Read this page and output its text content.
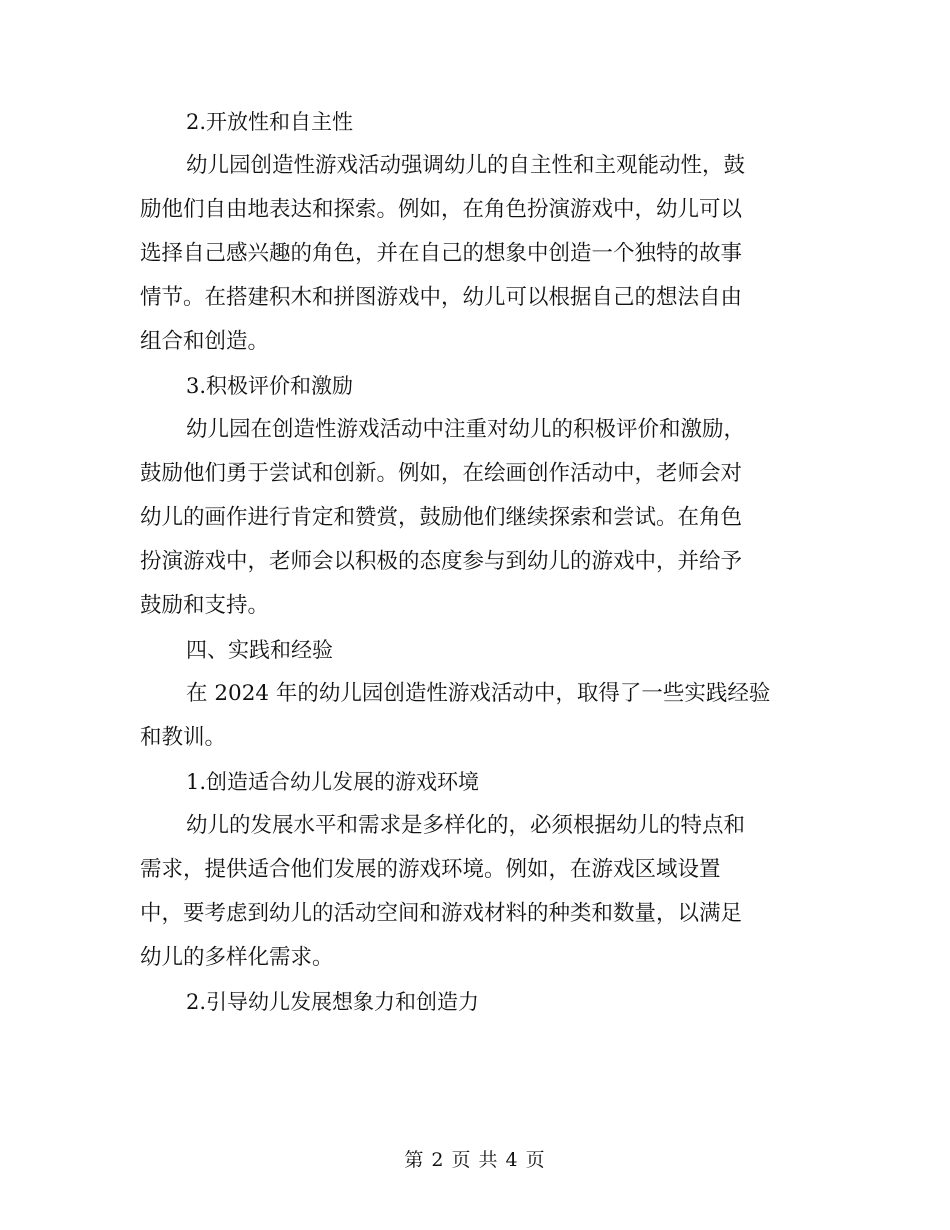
2.开放性和自主性
幼儿园创造性游戏活动强调幼儿的自主性和主观能动性，鼓
励他们自由地表达和探索。例如，在角色扮演游戏中，幼儿可以
选择自己感兴趣的角色，并在自己的想象中创造一个独特的故事
情节。在搭建积木和拼图游戏中，幼儿可以根据自己的想法自由
组合和创造。
3.积极评价和激励
幼儿园在创造性游戏活动中注重对幼儿的积极评价和激励，
鼓励他们勇于尝试和创新。例如，在绘画创作活动中，老师会对
幼儿的画作进行肯定和赞赏，鼓励他们继续探索和尝试。在角色
扮演游戏中，老师会以积极的态度参与到幼儿的游戏中，并给予
鼓励和支持。
四、实践和经验
在 2024 年的幼儿园创造性游戏活动中，取得了一些实践经验
和教训。
1.创造适合幼儿发展的游戏环境
幼儿的发展水平和需求是多样化的，必须根据幼儿的特点和
需求，提供适合他们发展的游戏环境。例如，在游戏区域设置
中，要考虑到幼儿的活动空间和游戏材料的种类和数量，以满足
幼儿的多样化需求。
2.引导幼儿发展想象力和创造力
第 2 页 共 4 页
